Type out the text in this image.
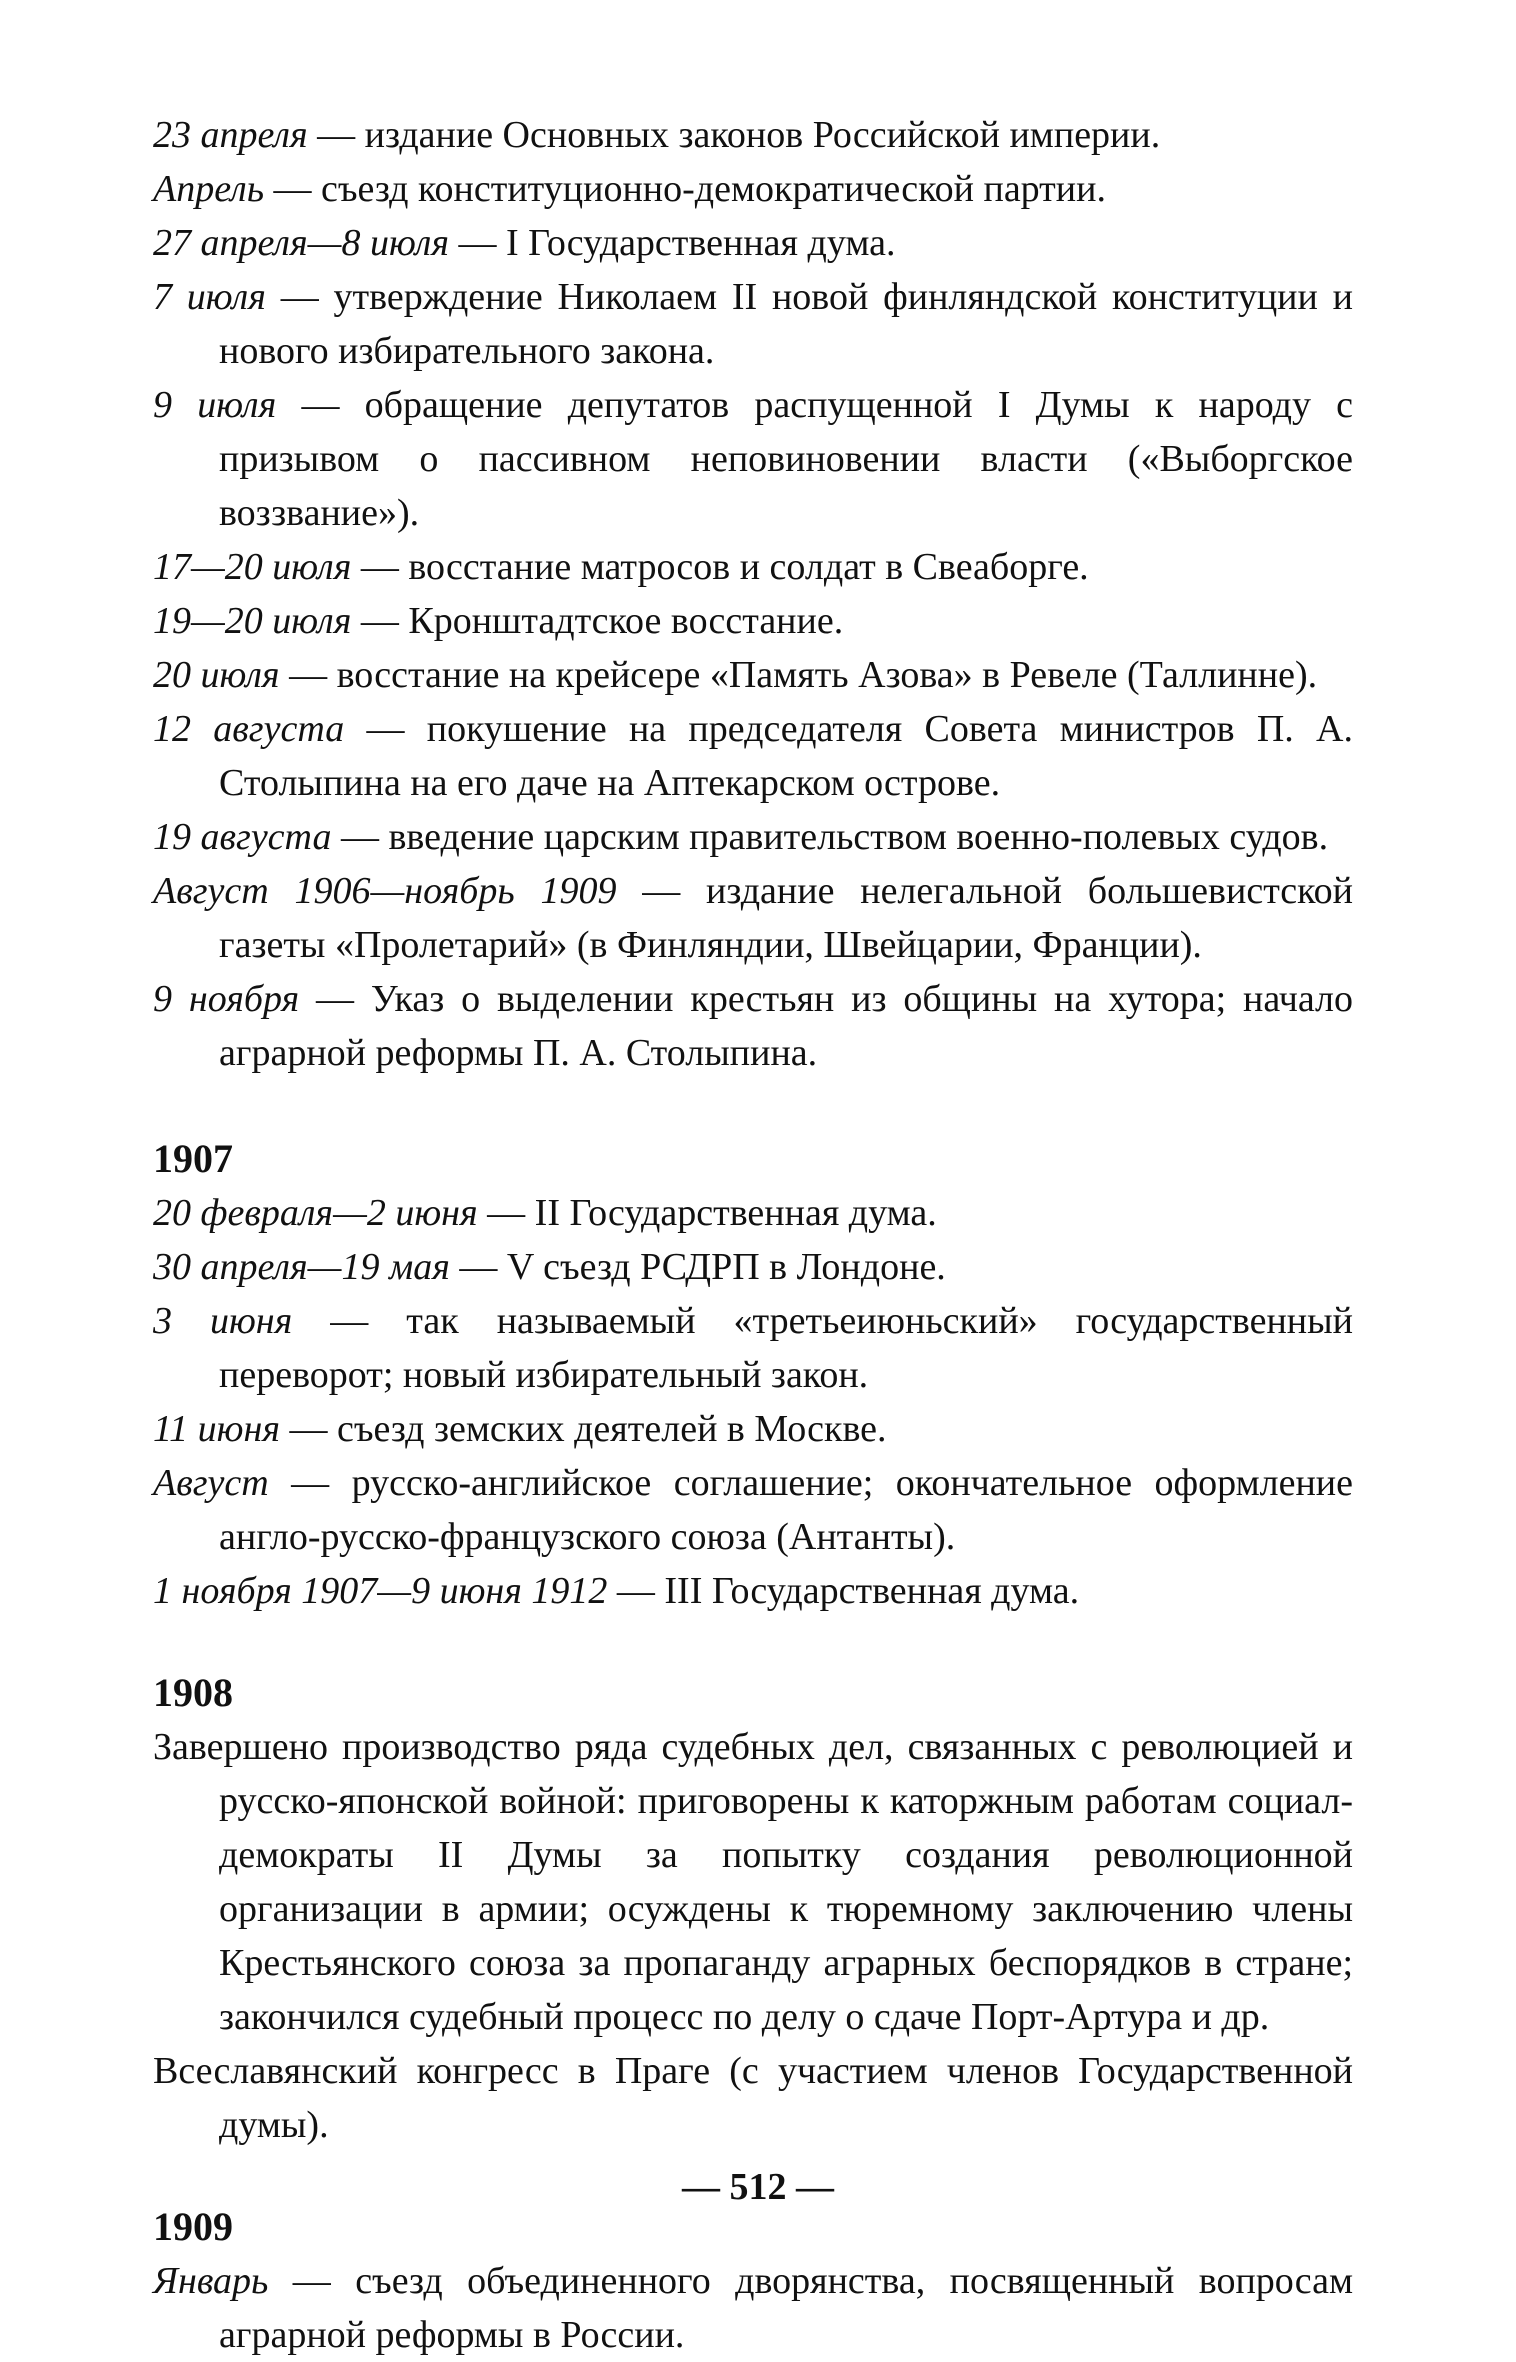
23 апреля — издание Основных законов Российской империи.

Апрель — съезд конституционно-демократической партии.

27 апреля—8 июля — I Государственная дума.

7 июля — утверждение Николаем II новой финляндской конституции и нового избирательного закона.

9 июля — обращение депутатов распущенной I Думы к народу с призывом о пассивном неповиновении власти («Выборгское воззвание»).

17—20 июля — восстание матросов и солдат в Свеаборге.

19—20 июля — Кронштадтское восстание.

20 июля — восстание на крейсере «Память Азова» в Ревеле (Таллинне).

12 августа — покушение на председателя Совета министров П. А. Столыпина на его даче на Аптекарском острове.

19 августа — введение царским правительством военно-полевых судов.

Август 1906—ноябрь 1909 — издание нелегальной большевистской газеты «Пролетарий» (в Финляндии, Швейцарии, Франции).

9 ноября — Указ о выделении крестьян из общины на хутора; начало аграрной реформы П. А. Столыпина.

1907

20 февраля—2 июня — II Государственная дума.

30 апреля—19 мая — V съезд РСДРП в Лондоне.

3 июня — так называемый «третьеиюньский» государственный переворот; новый избирательный закон.

11 июня — съезд земских деятелей в Москве.

Август — русско-английское соглашение; окончательное оформление англо-русско-французского союза (Антанты).

1 ноября 1907—9 июня 1912 — III Государственная дума.

1908

Завершено производство ряда судебных дел, связанных с революцией и русско-японской войной: приговорены к каторжным работам социал-демократы II Думы за попытку создания революционной организации в армии; осуждены к тюремному заключению члены Крестьянского союза за пропаганду аграрных беспорядков в стране; закончился судебный процесс по делу о сдаче Порт-Артура и др.

Всеславянский конгресс в Праге (с участием членов Государственной думы).

1909

Январь — съезд объединенного дворянства, посвященный вопросам аграрной реформы в России.

— 512 —
